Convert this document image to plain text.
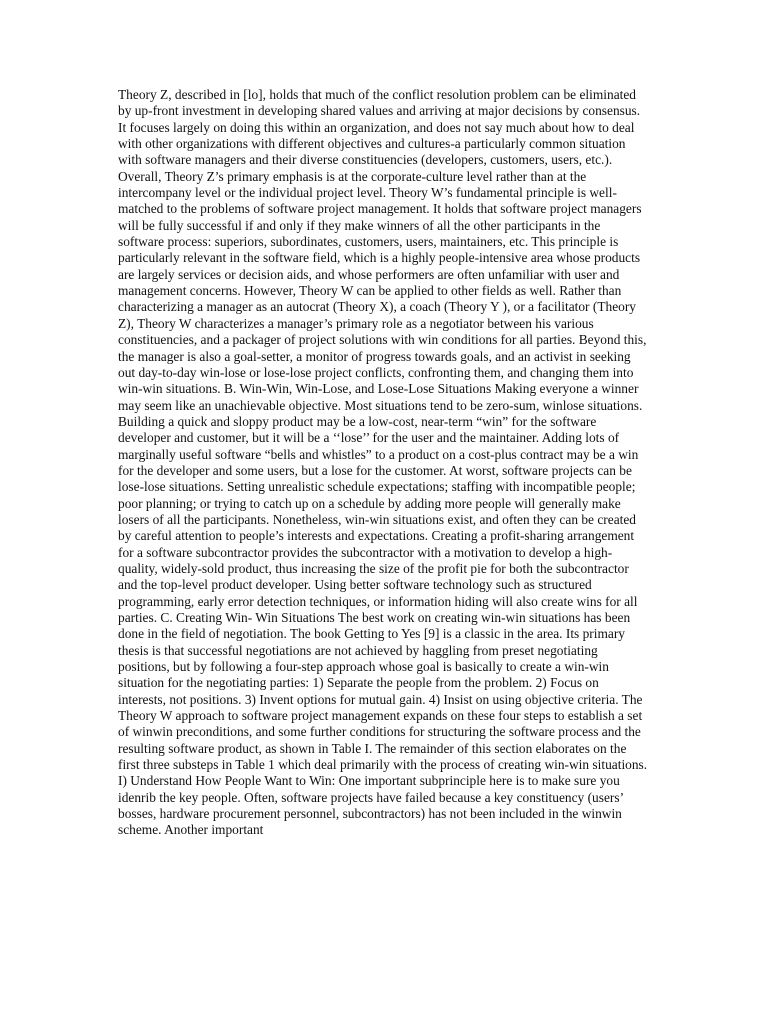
Theory Z, described in [lo], holds that much of the conflict resolution problem can be eliminated by up-front investment in developing shared values and arriving at major decisions by consensus. It focuses largely on doing this within an organization, and does not say much about how to deal with other organizations with different objectives and cultures-a particularly common situation with software managers and their diverse constituencies (developers, customers, users, etc.). Overall, Theory Z’s primary emphasis is at the corporate-culture level rather than at the intercompany level or the individual project level. Theory W’s fundamental principle is well-matched to the problems of software project management. It holds that software project managers will be fully successful if and only if they make winners of all the other participants in the software process: superiors, subordinates, customers, users, maintainers, etc. This principle is particularly relevant in the software field, which is a highly people-intensive area whose products are largely services or decision aids, and whose performers are often unfamiliar with user and management concerns. However, Theory W can be applied to other fields as well. Rather than characterizing a manager as an autocrat (Theory X), a coach (Theory Y ), or a facilitator (Theory Z), Theory W characterizes a manager’s primary role as a negotiator between his various constituencies, and a packager of project solutions with win conditions for all parties. Beyond this, the manager is also a goal-setter, a monitor of progress towards goals, and an activist in seeking out day-to-day win-lose or lose-lose project conflicts, confronting them, and changing them into win-win situations. B. Win-Win, Win-Lose, and Lose-Lose Situations Making everyone a winner may seem like an unachievable objective. Most situations tend to be zero-sum, winlose situations. Building a quick and sloppy product may be a low-cost, near-term “win” for the software developer and customer, but it will be a ‘‘lose’’ for the user and the maintainer. Adding lots of marginally useful software “bells and whistles” to a product on a cost-plus contract may be a win for the developer and some users, but a lose for the customer. At worst, software projects can be lose-lose situations. Setting unrealistic schedule expectations; staffing with incompatible people; poor planning; or trying to catch up on a schedule by adding more people will generally make losers of all the participants. Nonetheless, win-win situations exist, and often they can be created by careful attention to people’s interests and expectations. Creating a profit-sharing arrangement for a software subcontractor provides the subcontractor with a motivation to develop a high-quality, widely-sold product, thus increasing the size of the profit pie for both the subcontractor and the top-level product developer. Using better software technology such as structured programming, early error detection techniques, or information hiding will also create wins for all parties. C. Creating Win- Win Situations The best work on creating win-win situations has been done in the field of negotiation. The book Getting to Yes [9] is a classic in the area. Its primary thesis is that successful negotiations are not achieved by haggling from preset negotiating positions, but by following a four-step approach whose goal is basically to create a win-win situation for the negotiating parties: 1) Separate the people from the problem. 2) Focus on interests, not positions. 3) Invent options for mutual gain. 4) Insist on using objective criteria. The Theory W approach to software project management expands on these four steps to establish a set of winwin preconditions, and some further conditions for structuring the software process and the resulting software product, as shown in Table I. The remainder of this section elaborates on the first three substeps in Table 1 which deal primarily with the process of creating win-win situations. I) Understand How People Want to Win: One important subprinciple here is to make sure you idenrib the key people. Often, software projects have failed because a key constituency (users’ bosses, hardware procurement personnel, subcontractors) has not been included in the winwin scheme. Another important
